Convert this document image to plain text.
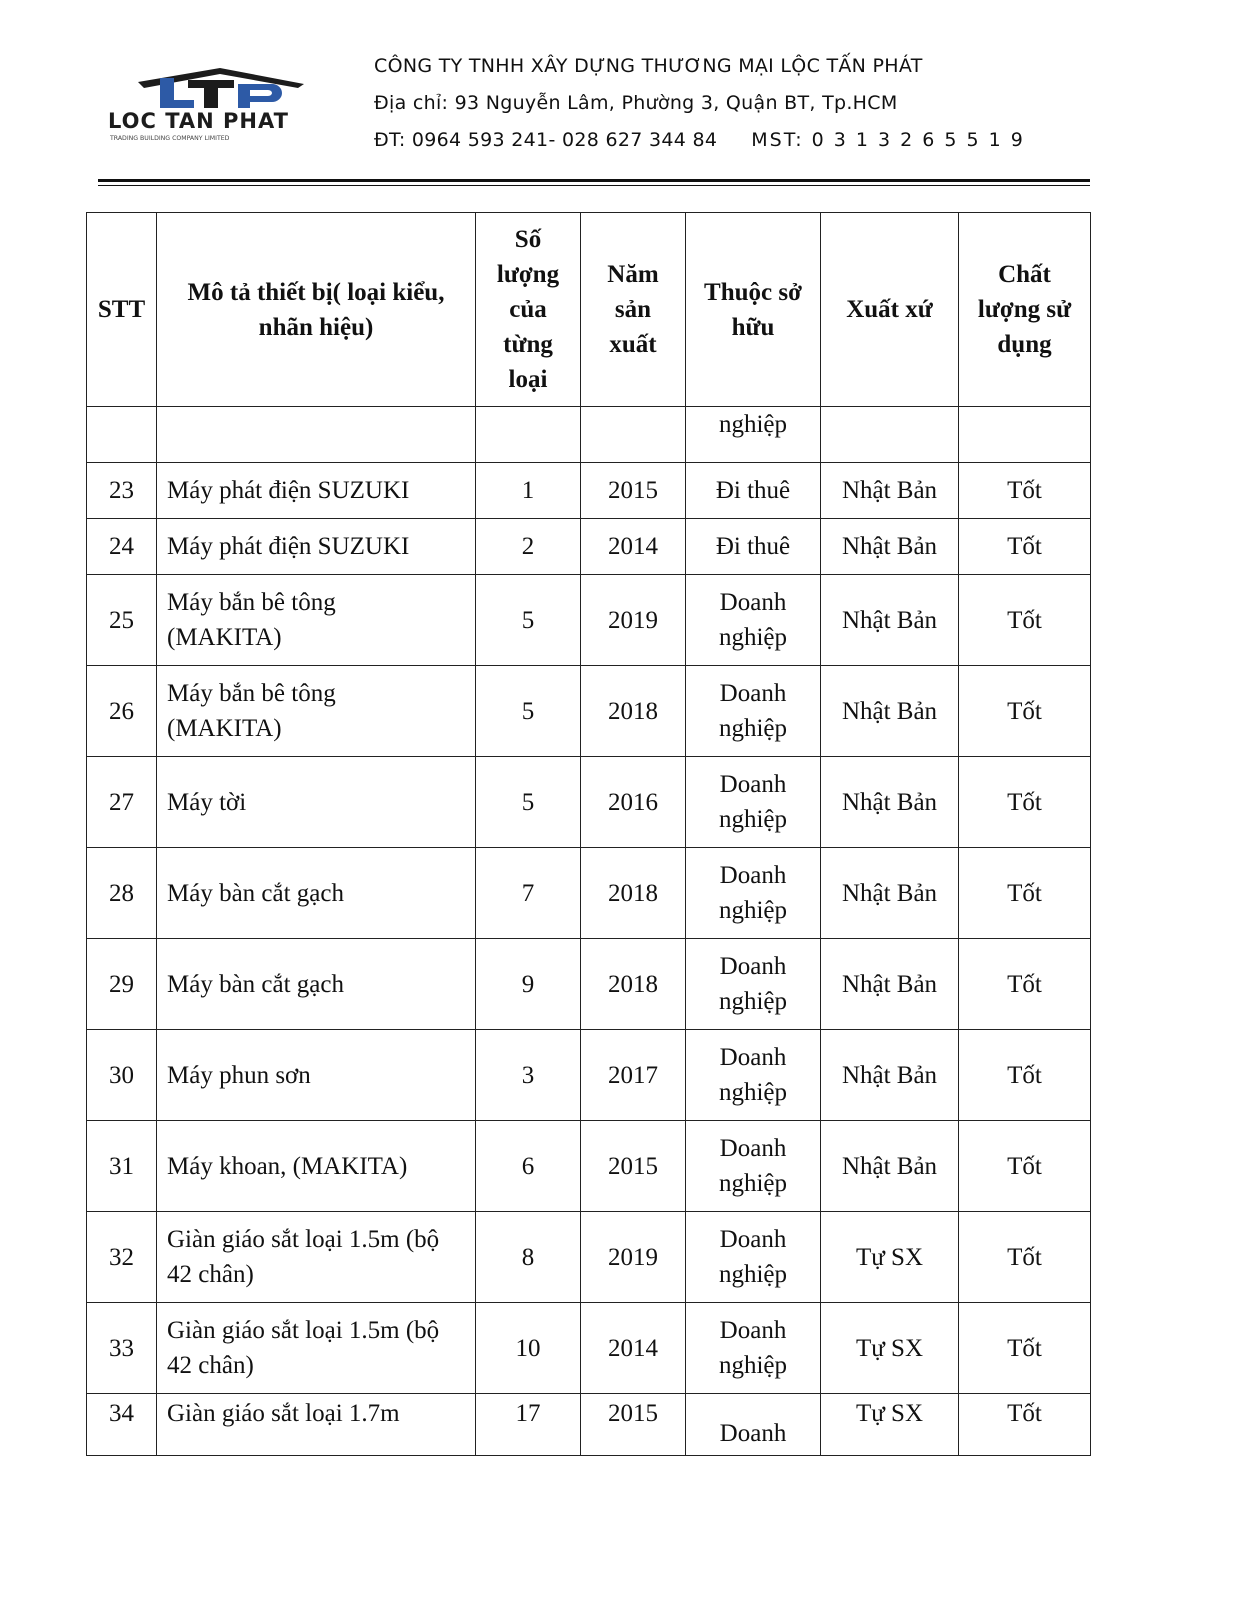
LOC TAN PHAT
TRADING BUILDING COMPANY LIMITED
CÔNG TY TNHH XÂY DỰNG THƯƠNG MẠI LỘC TẤN PHÁT
Địa chỉ: 93 Nguyễn Lâm, Phường 3, Quận BT, Tp.HCM
ĐT: 0964 593 241- 028 627 344 84 MST: 0 3 1 3 2 6 5 5 1 9
STT	Mô tả thiết bị( loại kiểu, nhãn hiệu)	Số lượng của từng loại	Năm sản xuất	Thuộc sở hữu	Xuất xứ	Chất lượng sử dụng
				nghiệp		
23	Máy phát điện SUZUKI	1	2015	Đi thuê	Nhật Bản	Tốt
24	Máy phát điện SUZUKI	2	2014	Đi thuê	Nhật Bản	Tốt
25	Máy bắn bê tông (MAKITA)	5	2019	Doanh nghiệp	Nhật Bản	Tốt
26	Máy bắn bê tông (MAKITA)	5	2018	Doanh nghiệp	Nhật Bản	Tốt
27	Máy tời	5	2016	Doanh nghiệp	Nhật Bản	Tốt
28	Máy bàn cắt gạch	7	2018	Doanh nghiệp	Nhật Bản	Tốt
29	Máy bàn cắt gạch	9	2018	Doanh nghiệp	Nhật Bản	Tốt
30	Máy phun sơn	3	2017	Doanh nghiệp	Nhật Bản	Tốt
31	Máy khoan, (MAKITA)	6	2015	Doanh nghiệp	Nhật Bản	Tốt
32	Giàn giáo sắt loại 1.5m (bộ 42 chân)	8	2019	Doanh nghiệp	Tự SX	Tốt
33	Giàn giáo sắt loại 1.5m (bộ 42 chân)	10	2014	Doanh nghiệp	Tự SX	Tốt
34	Giàn giáo sắt loại 1.7m	17	2015	Doanh	Tự SX	Tốt
